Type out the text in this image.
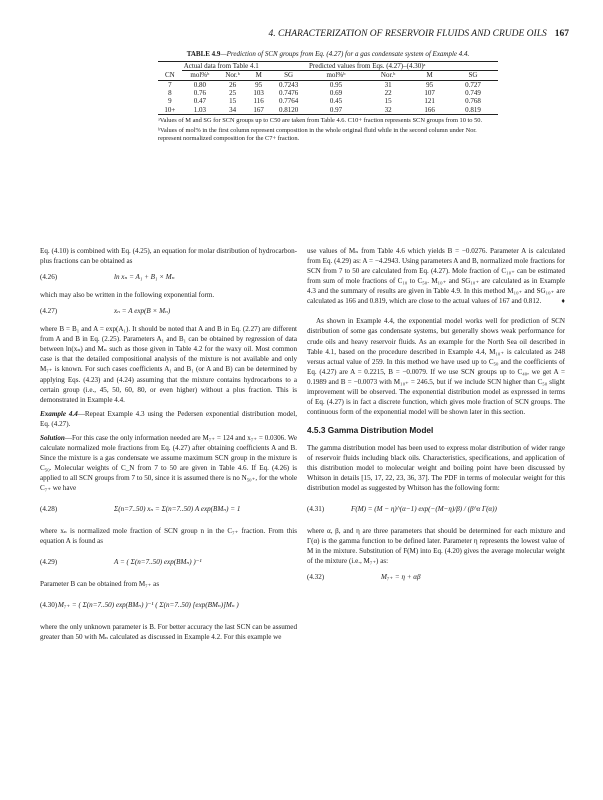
4. CHARACTERIZATION OF RESERVOIR FLUIDS AND CRUDE OILS 167
TABLE 4.9—Prediction of SCN groups from Eq. (4.27) for a gas condensate system of Example 4.4.
	Actual data from Table 4.1				Predicted values from Eqs. (4.27)–(4.30)ᵃ			
CN	mol%ᵇ	Nor.ᵇ	M	SG	mol%ᵇ	Nor.ᵇ	M	SG
7	0.80	26	95	0.7243	0.95	31	95	0.727
8	0.76	25	103	0.7476	0.69	22	107	0.749
9	0.47	15	116	0.7764	0.45	15	121	0.768
10+	1.03	34	167	0.8120	0.97	32	166	0.819
ᵃValues of M and SG for SCN groups up to C50 are taken from Table 4.6. C10+ fraction represents SCN groups from 10 to 50.
ᵇValues of mol% in the first column represent composition in the whole original fluid while in the second column under Nor. represent normalized composition for the C7+ fraction.

Eq. (4.10) is combined with Eq. (4.25), an equation for molar distribution of hydrocarbon-plus fractions can be obtained as

(4.26)	ln xₙ = A₁ + B₁ × Mₙ

which may also be written in the following exponential form.

(4.27)	xₙ = A exp(B × Mₙ)

where B = B₁ and A = exp(A₁). It should be noted that A and B in Eq. (2.27) are different from A and B in Eq. (2.25). Parameters A₁ and B₁ can be obtained by regression of data between ln(xₙ) and Mₙ such as those given in Table 4.2 for the waxy oil. Most common case is that the detailed compositional analysis of the mixture is not available and only M₇₊ is known. For such cases coefficients A₁ and B₁ (or A and B) can be determined by applying Eqs. (4.23) and (4.24) assuming that the mixture contains hydrocarbons to a certain group (i.e., 45, 50, 60, 80, or even higher) without a plus fraction. This is demonstrated in Example 4.4.

Example 4.4—Repeat Example 4.3 using the Pedersen exponential distribution model, Eq. (4.27).

Solution—For this case the only information needed are M₇₊ = 124 and x₇₊ = 0.0306. We calculate normalized mole fractions from Eq. (4.27) after obtaining coefficients A and B. Since the mixture is a gas condensate we assume maximum SCN group in the mixture is C₅₀. Molecular weights of C_N from 7 to 50 are given in Table 4.6. If Eq. (4.26) is applied to all SCN groups from 7 to 50, since it is assumed there is no N₅₀₊, for the whole C₇₊ we have

(4.28)	Σ(n=7..50) xₙ = Σ(n=7..50) A exp(BMₙ) = 1

where xₙ is normalized mole fraction of SCN group n in the C₇₊ fraction. From this equation A is found as

(4.29)	A = ( Σ(n=7..50) exp(BMₙ) )⁻¹

Parameter B can be obtained from M₇₊ as

(4.30) M₇₊ = ( Σ(n=7..50) exp(BMₙ) )⁻¹ ( Σ(n=7..50) [exp(BMₙ)]Mₙ )

where the only unknown parameter is B. For better accuracy the last SCN can be assumed greater than 50 with Mₙ calculated as discussed in Example 4.2. For this example we

use values of Mₙ from Table 4.6 which yields B = −0.0276. Parameter A is calculated from Eq. (4.29) as: A = −4.2943. Using parameters A and B, normalized mole fractions for SCN from 7 to 50 are calculated from Eq. (4.27). Mole fraction of C₁₀₊ can be estimated from sum of mole fractions of C₁₀ to C₅₀. M₁₀₊ and SG₁₀₊ are calculated as in Example 4.3 and the summary of results are given in Table 4.9. In this method M₁₀₊ and SG₁₀₊ are calculated as 166 and 0.819, which are close to the actual values of 167 and 0.812.	♦

As shown in Example 4.4, the exponential model works well for prediction of SCN distribution of some gas condensate systems, but generally shows weak performance for crude oils and heavy reservoir fluids. As an example for the North Sea oil described in Table 4.1, based on the procedure described in Example 4.4, M₁₀₊ is calculated as 248 versus actual value of 259. In this method we have used up to C₅₀ and the coefficients of Eq. (4.27) are A = 0.2215, B = −0.0079. If we use SCN groups up to C₄₀, we get A = 0.1989 and B = −0.0073 with M₁₀₊ = 246.5, but if we include SCN higher than C₅₀ slight improvement will be observed. The exponential distribution model as expressed in terms of Eq. (4.27) is in fact a discrete function, which gives mole fraction of SCN groups. The continuous form of the exponential model will be shown later in this section.

4.5.3 Gamma Distribution Model

The gamma distribution model has been used to express molar distribution of wider range of reservoir fluids including black oils. Characteristics, specifications, and application of this distribution model to molecular weight and boiling point have been discussed by Whitson in details [15, 17, 22, 23, 36, 37]. The PDF in terms of molecular weight for this distribution model as suggested by Whitson has the following form:

(4.31)	F(M) = (M − η)^(α−1) exp(−(M−η)/β) / (β^α Γ(α))

where α, β, and η are three parameters that should be determined for each mixture and Γ(α) is the gamma function to be defined later. Parameter η represents the lowest value of M in the mixture. Substitution of F(M) into Eq. (4.20) gives the average molecular weight of the mixture (i.e., M₇₊) as:

(4.32)	M₇₊ = η + αβ
